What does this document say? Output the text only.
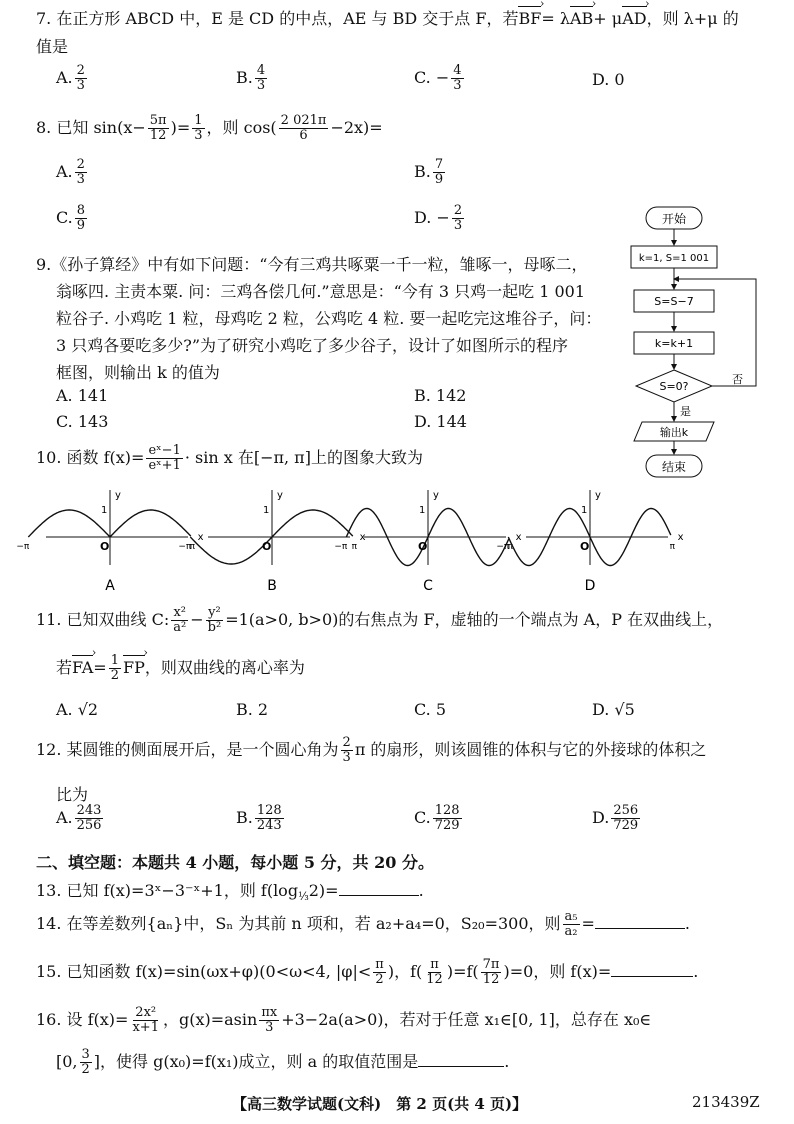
7. 在正方形 ABCD 中，E 是 CD 的中点，AE 与 BD 交于点 F，若BF ›= λAB ›+ μAD ›，则 λ+μ 的
值是
A. $\frac{2}{3}$	B. $\frac{4}{3}$	C. − $\frac{4}{3}$	D. 0
8. 已知 $\sin(x- \frac{5\pi}{12}$ )= $\frac{1}{3}$ ，则 $\cos( \frac{2 021\pi}{6} -2x)=$
A. $\frac{2}{3}$	B. $\frac{7}{9}$
C. $\frac{8}{9}$	D. − $\frac{2}{3}$
9.《孙子算经》中有如下问题：“今有三鸡共啄粟一千一粒，雏啄一，母啄二，
翁啄四. 主责本粟. 问：三鸡各偿几何.”意思是：“今有 3 只鸡一起吃 1 001
粒谷子. 小鸡吃 1 粒，母鸡吃 2 粒，公鸡吃 4 粒. 要一起吃完这堆谷子，问：
3 只鸡各要吃多少?”为了研究小鸡吃了多少谷子，设计了如图所示的程序
框图，则输出 k 的值为
A. 141	B. 142
C. 143	D. 144
开始
k=1, S=1 001
S=S−7
k=k+1
S=0?
否
是
输出k
结束
10. 函数 $f(x)= \frac{\text{eˣ−1}}{\text{eˣ+1}} \cdot \sin x$ 在[−π, π]上的图象大致为
y
x
O
1
−π	π
A
y
x
O
1
−π	π
B
y
x
O
1
−π	π
C
y
x
O
1
−π	π
D
11. 已知双曲线 C: $\frac{\text{x²}}{\text{a²}} - \frac{\text{y²}}{\text{b²}} =1(a>0$, b>0)的右焦点为 F，虚轴的一个端点为 A，P 在双曲线上，
若FA ›= $\frac{1}{2}$ FP ›，则双曲线的离心率为
A. √2	B. 2	C. 5	D. √5
12. 某圆锥的侧面展开后，是一个圆心角为 $\frac{2}{3}$ π 的扇形，则该圆锥的体积与它的外接球的体积之
比为
A. $\frac{243}{256}$	B. $\frac{128}{243}$	C. $\frac{128}{729}$	D. $\frac{256}{729}$
二、填空题：本题共 4 小题，每小题 5 分，共 20 分。
13. 已知 f(x)=3ˣ−3⁻ˣ+1，则 $f(\log_{\frac{1}{3}}2)=$	.
14. 在等差数列{aₙ}中，Sₙ 为其前 n 项和，若 a₂+a₄=0，S₂₀=300，则 $\frac{\text{a₅}}{\text{a₂}}$ =	.
15. 已知函数 f(x)=sin(ωx+φ)(0<ω<4, $|\varphi|< \frac{\pi}{2}$ )，$f( \frac{\pi}{12} )=f( \frac{7\pi}{12} )=0$，则 f(x)=	.
16. 设 $f(x)= \frac{\text{2x²}}{x+1}$ ，$g(x)=asin \frac{\pi x}{3} +3-2a(a>0)$，若对于任意 x₁∈[0, 1]，总存在 x₀∈
[0, $\frac{3}{2}$ ]，使得 g(x₀)=f(x₁)成立，则 a 的取值范围是	.
【高三数学试题(文科)　第 2 页(共 4 页)】	213439Z
